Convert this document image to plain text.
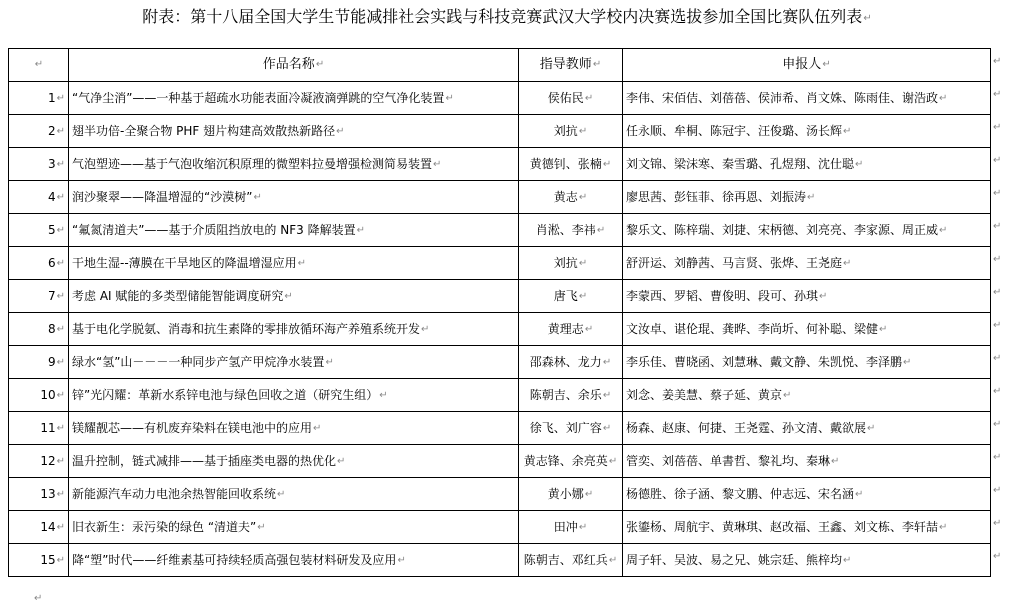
附表：第十八届全国大学生节能减排社会实践与科技竞赛武汉大学校内决赛选拔参加全国比赛队伍列表↵
↵	作品名称↵	指导教师↵	申报人↵
1↵	“气净尘消”——一种基于超疏水功能表面冷凝液滴弹跳的空气净化装置↵	侯佑民↵	李伟、宋佰佶、刘蓓蓓、侯沛希、肖文姝、陈雨佳、谢浩政↵
2↵	翅半功倍-全聚合物 PHF 翅片构建高效散热新路径↵	刘抗↵	任永顺、牟桐、陈冠宇、汪俊璐、汤长辉↵
3↵	气泡塑迹——基于气泡收缩沉积原理的微塑料拉曼增强检测简易装置↵	黄德钊、张楠↵	刘文锦、梁沫寒、秦雪璐、孔煜翔、沈仕聪↵
4↵	润沙聚翠——降温增湿的“沙漠树”↵	黄志↵	廖思茜、彭钰菲、徐再恩、刘振涛↵
5↵	“氟氮清道夫”——基于介质阻挡放电的 NF3 降解装置↵	肖淞、李祎↵	黎乐文、陈梓瑞、刘捷、宋柄德、刘亮亮、李家源、周正威↵
6↵	干地生湿--薄膜在干旱地区的降温增湿应用↵	刘抗↵	舒汧运、刘静茜、马言贤、张烨、王尧庭↵
7↵	考虑 AI 赋能的多类型储能智能调度研究↵	唐飞↵	李蒙西、罗韬、曹俊明、段可、孙琪↵
8↵	基于电化学脱氨、消毒和抗生素降的零排放循环海产养殖系统开发↵	黄理志↵	文汝卓、谌伦琨、龚晔、李尚圻、何补聪、梁健↵
9↵	绿水“氢”山－－－一种同步产氢产甲烷净水装置↵	邵森林、龙力↵	李乐佳、曹晓函、刘慧琳、戴文静、朱凯悦、李泽鹏↵
10↵	锌”光闪耀：革新水系锌电池与绿色回收之道（研究生组）↵	陈朝吉、余乐↵	刘念、姜美慧、蔡子延、黄京↵
11↵	镁耀靓芯——有机废弃染料在镁电池中的应用↵	徐飞、刘广容↵	杨森、赵康、何捷、王尧霆、孙文清、戴欲展↵
12↵	温升控制，链式减排——基于插座类电器的热优化↵	黄志锋、余亮英↵	管奕、刘蓓蓓、单書哲、黎礼均、秦琳↵
13↵	新能源汽车动力电池余热智能回收系统↵	黄小娜↵	杨德胜、徐子涵、黎文鹏、仲志远、宋名涵↵
14↵	旧衣新生：汞污染的绿色 “清道夫”↵	田冲↵	张鎏杨、周航宇、黄琳琪、赵改福、王鑫、刘文栋、李轩喆↵
15↵	降“塑”时代——纤维素基可持续轻质高强包装材料研发及应用↵	陈朝吉、邓红兵↵	周子轩、吴波、易之兄、姚宗廷、熊梓均↵
↵
↵
↵
↵
↵
↵
↵
↵
↵
↵
↵
↵
↵
↵
↵
↵
↵
